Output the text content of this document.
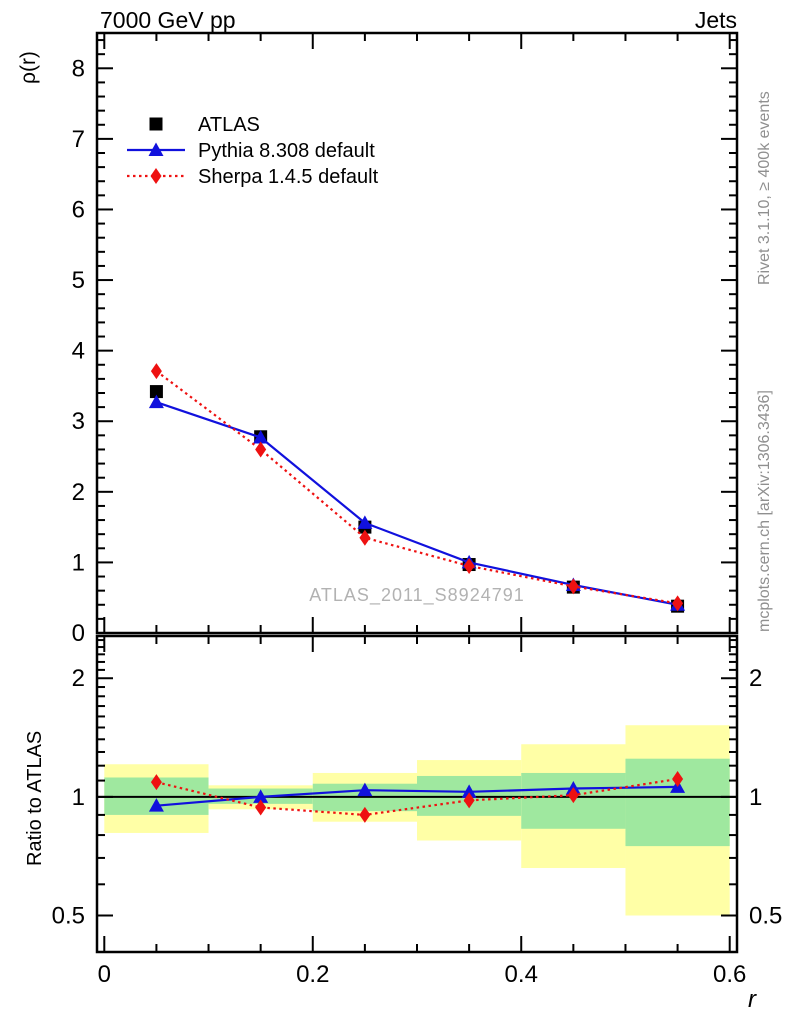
0	0.2	0.4	0.6
0
1
2
3
4
5
6
7
8
0.5	0.5
1	1
2	2
ATLAS
Pythia 8.308 default
Sherpa 1.4.5 default
7000 GeV pp	Jets
ρ(r)
Ratio to ATLAS
r
Rivet 3.1.10, ≥ 400k events
mcplots.cern.ch [arXiv:1306.3436]
ATLAS_2011_S8924791
